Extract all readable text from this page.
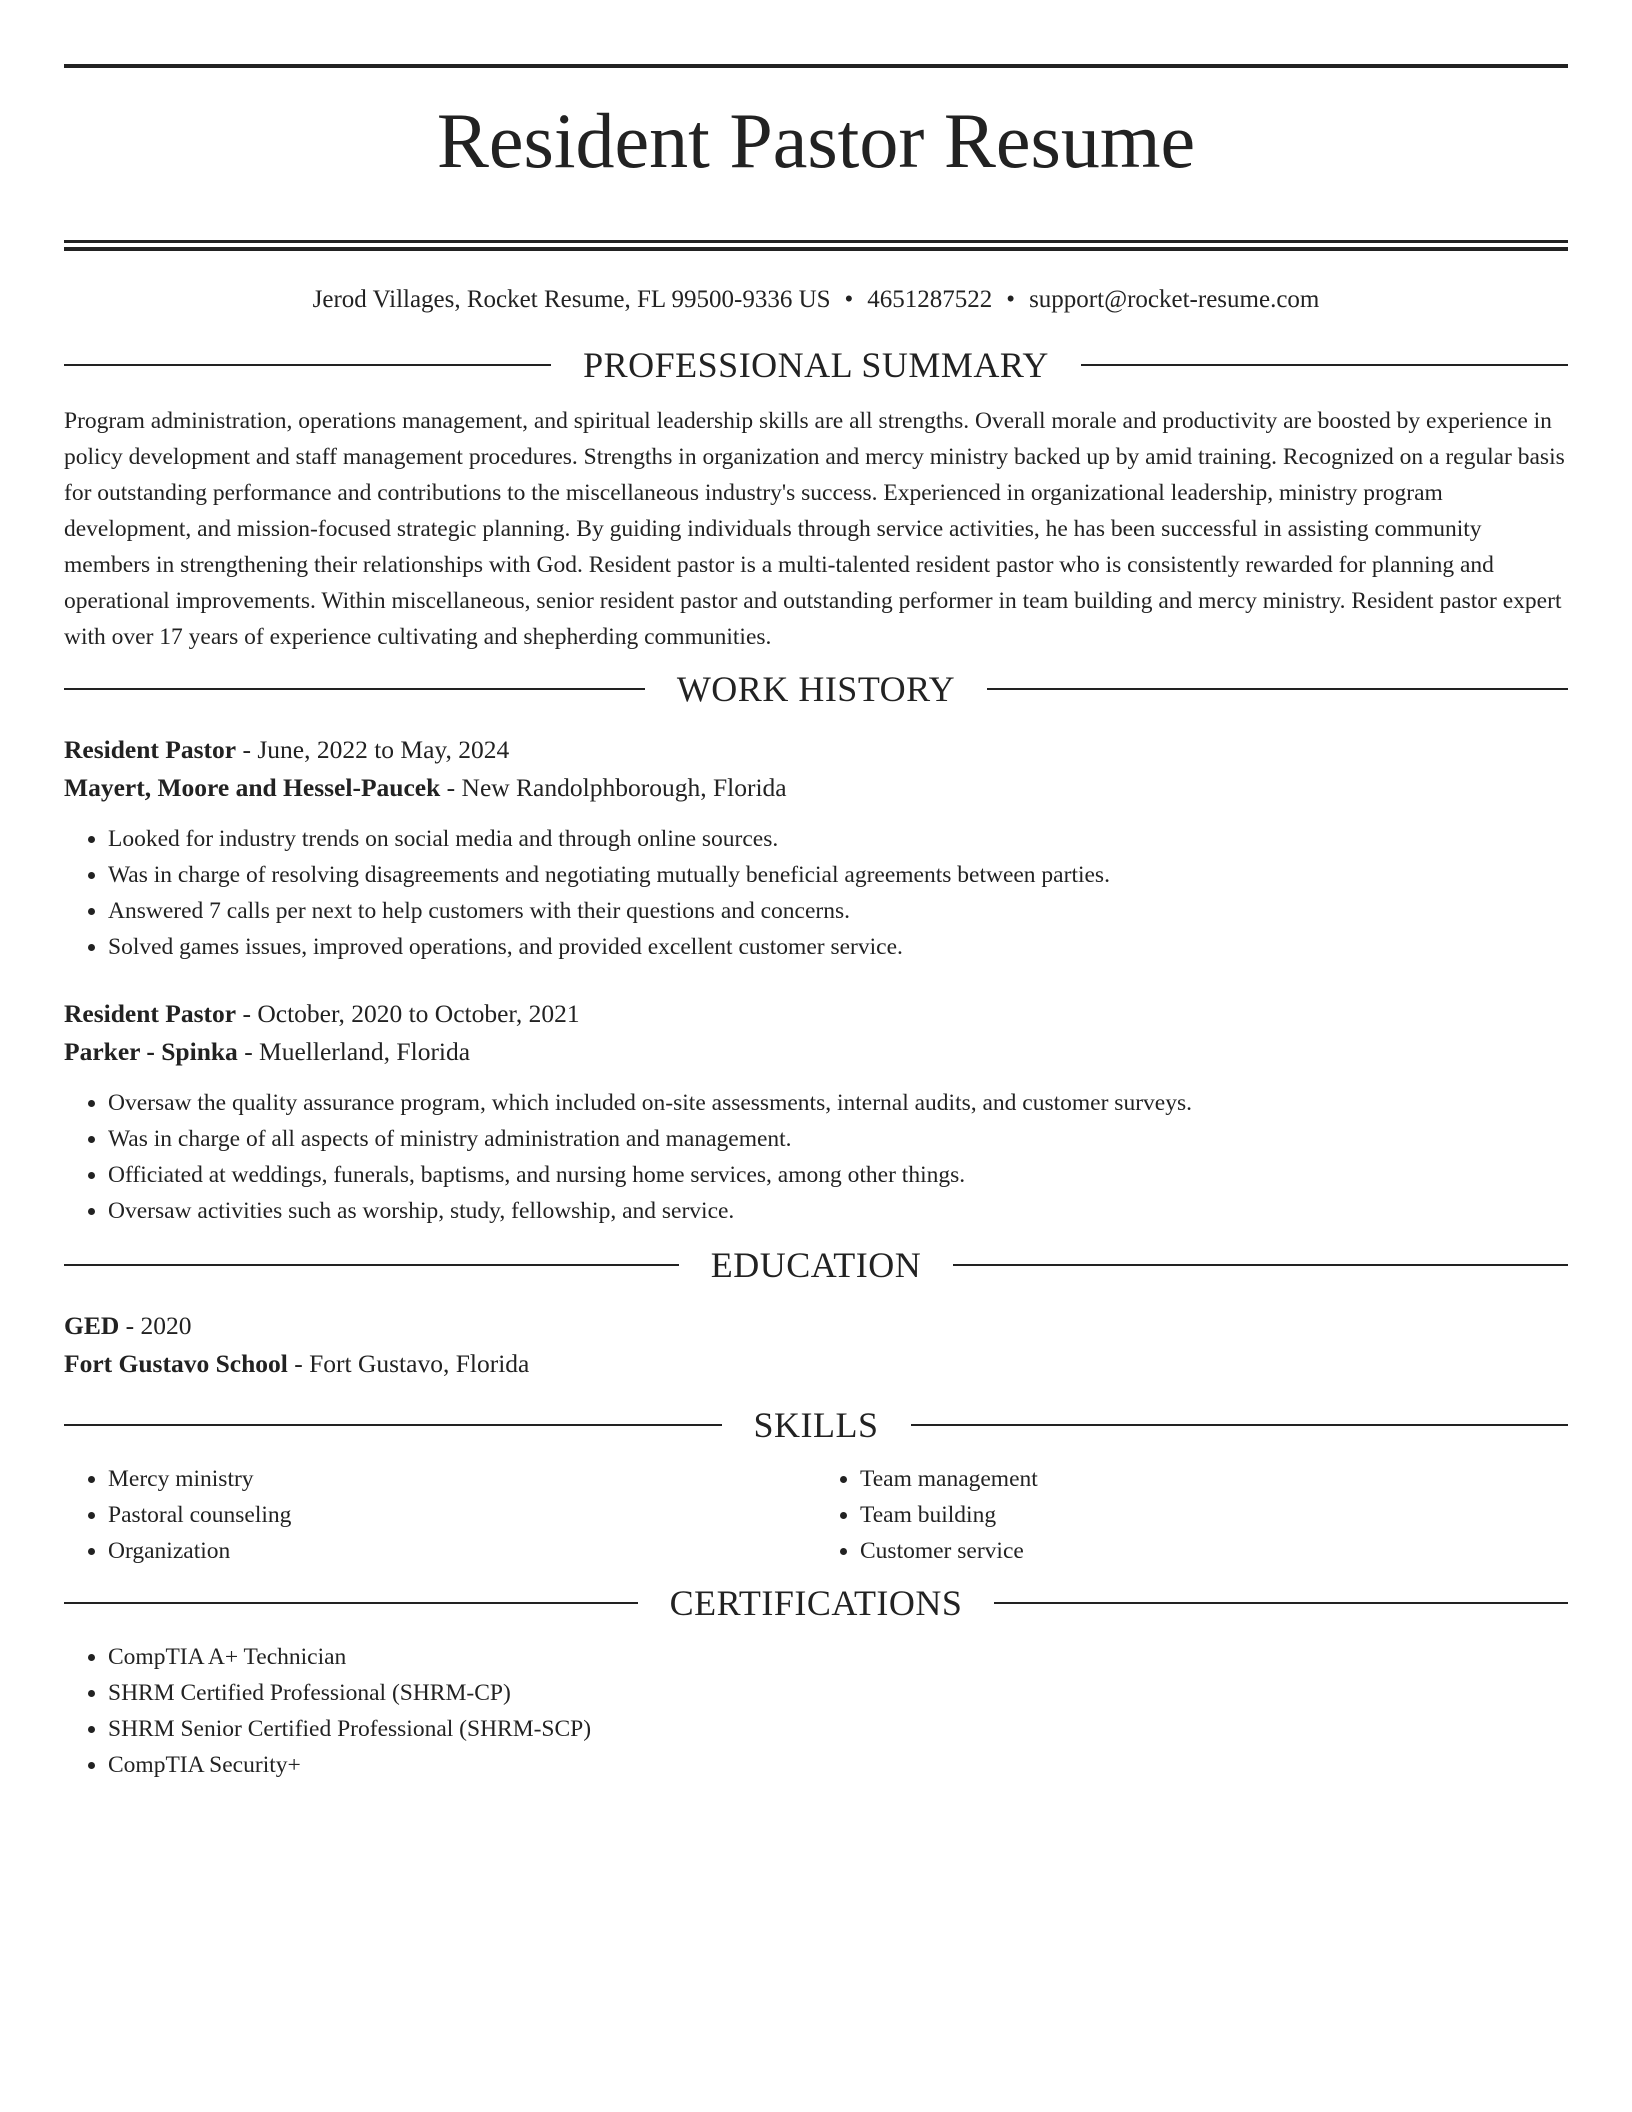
Resident Pastor Resume
Jerod Villages, Rocket Resume, FL 99500-9336 US • 4651287522 • support@rocket-resume.com
PROFESSIONAL SUMMARY

Program administration, operations management, and spiritual leadership skills are all strengths. Overall morale and productivity are boosted by experience in policy development and staff management procedures. Strengths in organization and mercy ministry backed up by amid training. Recognized on a regular basis for outstanding performance and contributions to the miscellaneous industry's success. Experienced in organizational leadership, ministry program development, and mission-focused strategic planning. By guiding individuals through service activities, he has been successful in assisting community members in strengthening their relationships with God. Resident pastor is a multi-talented resident pastor who is consistently rewarded for planning and operational improvements. Within miscellaneous, senior resident pastor and outstanding performer in team building and mercy ministry. Resident pastor expert with over 17 years of experience cultivating and shepherding communities.

WORK HISTORY
Resident Pastor - June, 2022 to May, 2024
Mayert, Moore and Hessel-Paucek - New Randolphborough, Florida
• Looked for industry trends on social media and through online sources.
• Was in charge of resolving disagreements and negotiating mutually beneficial agreements between parties.
• Answered 7 calls per next to help customers with their questions and concerns.
• Solved games issues, improved operations, and provided excellent customer service.
Resident Pastor - October, 2020 to October, 2021
Parker - Spinka - Muellerland, Florida
• Oversaw the quality assurance program, which included on-site assessments, internal audits, and customer surveys.
• Was in charge of all aspects of ministry administration and management.
• Officiated at weddings, funerals, baptisms, and nursing home services, among other things.
• Oversaw activities such as worship, study, fellowship, and service.
EDUCATION
GED - 2020
Fort Gustavo School - Fort Gustavo, Florida
SKILLS
• Mercy ministry
• Pastoral counseling
• Organization
• Team management
• Team building
• Customer service
CERTIFICATIONS
• CompTIA A+ Technician
• SHRM Certified Professional (SHRM-CP)
• SHRM Senior Certified Professional (SHRM-SCP)
• CompTIA Security+
